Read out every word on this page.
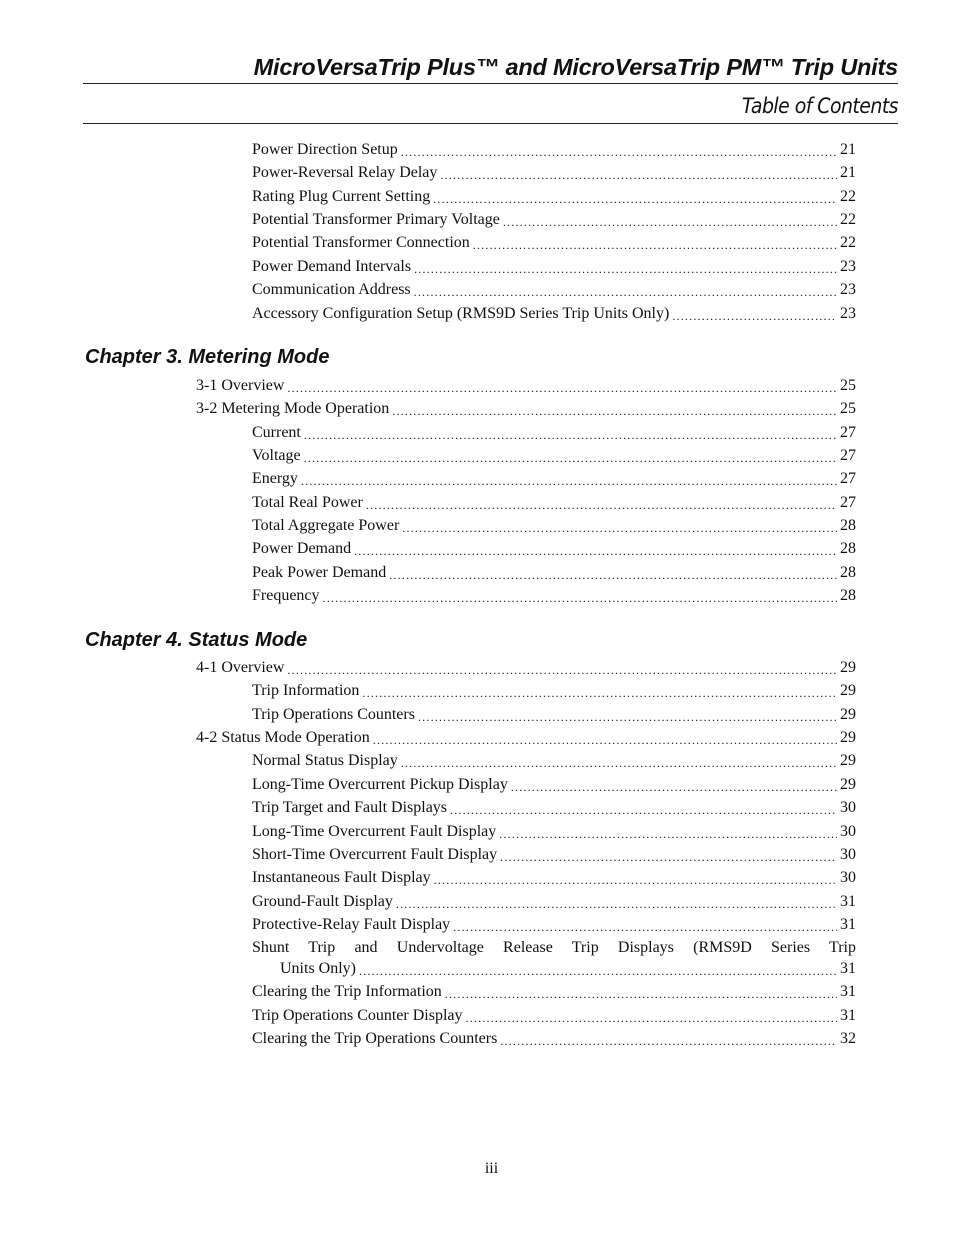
MicroVersaTrip Plus™ and MicroVersaTrip PM™ Trip Units
Table of Contents
Power Direction Setup .....	21
Power-Reversal Relay Delay .....	21
Rating Plug Current Setting .....	22
Potential Transformer Primary Voltage .....	22
Potential Transformer Connection .....	22
Power Demand Intervals .....	23
Communication Address .....	23
Accessory Configuration Setup (RMS9D Series Trip Units Only) .....	23
Chapter 3. Metering Mode
3-1 Overview .....	25
3-2 Metering Mode Operation .....	25
Current .....	27
Voltage .....	27
Energy .....	27
Total Real Power .....	27
Total Aggregate Power .....	28
Power Demand .....	28
Peak Power Demand .....	28
Frequency .....	28
Chapter 4. Status Mode
4-1 Overview .....	29
Trip Information .....	29
Trip Operations Counters .....	29
4-2 Status Mode Operation .....	29
Normal Status Display .....	29
Long-Time Overcurrent Pickup Display .....	29
Trip Target and Fault Displays .....	30
Long-Time Overcurrent Fault Display .....	30
Short-Time Overcurrent Fault Display .....	30
Instantaneous Fault Display .....	30
Ground-Fault Display .....	31
Protective-Relay Fault Display .....	31
Shunt Trip and Undervoltage Release Trip Displays (RMS9D Series Trip
Units Only) .....	31
Clearing the Trip Information .....	31
Trip Operations Counter Display .....	31
Clearing the Trip Operations Counters .....	32
iii
